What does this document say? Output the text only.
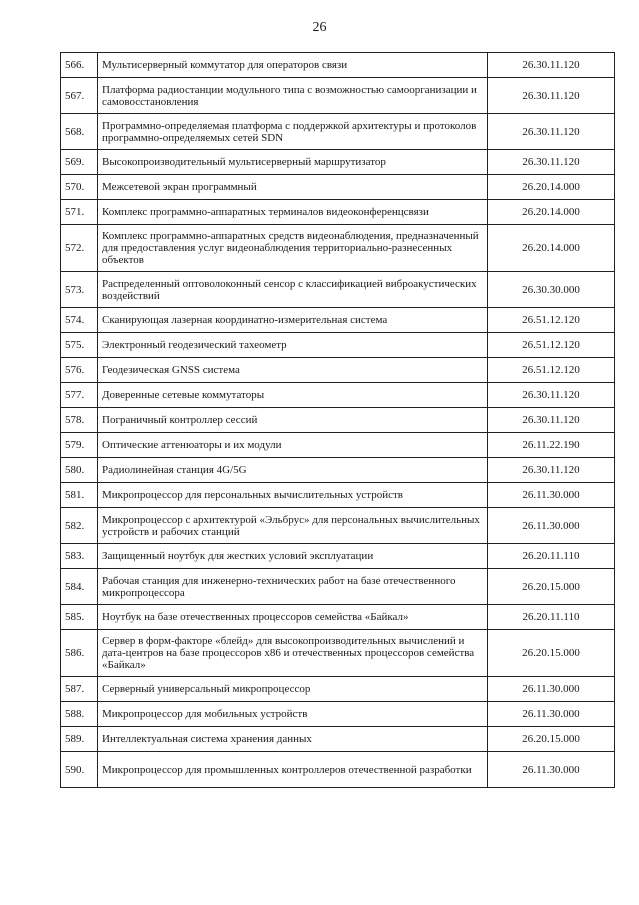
26
566.	Мультисерверный коммутатор для операторов связи	26.30.11.120
567.	Платформа радиостанции модульного типа с возможностью самоорганизации и самовосстановления	26.30.11.120
568.	Программно-определяемая платформа с поддержкой архитектуры и протоколов программно-определяемых сетей SDN	26.30.11.120
569.	Высокопроизводительный мультисерверный маршрутизатор	26.30.11.120
570.	Межсетевой экран программный	26.20.14.000
571.	Комплекс программно-аппаратных терминалов видеоконференцсвязи	26.20.14.000
572.	Комплекс программно-аппаратных средств видеонаблюдения, предназначенный для предоставления услуг видеонаблюдения территориально-разнесенных объектов	26.20.14.000
573.	Распределенный оптоволоконный сенсор с классификацией виброакустических воздействий	26.30.30.000
574.	Сканирующая лазерная координатно-измерительная система	26.51.12.120
575.	Электронный геодезический тахеометр	26.51.12.120
576.	Геодезическая GNSS система	26.51.12.120
577.	Доверенные сетевые коммутаторы	26.30.11.120
578.	Пограничный контроллер сессий	26.30.11.120
579.	Оптические аттенюаторы и их модули	26.11.22.190
580.	Радиолинейная станция 4G/5G	26.30.11.120
581.	Микропроцессор для персональных вычислительных устройств	26.11.30.000
582.	Микропроцессор с архитектурой «Эльбрус» для персональных вычислительных устройств и рабочих станций	26.11.30.000
583.	Защищенный ноутбук для жестких условий эксплуатации	26.20.11.110
584.	Рабочая станция для инженерно-технических работ на базе отечественного микропроцессора	26.20.15.000
585.	Ноутбук на базе отечественных процессоров семейства «Байкал»	26.20.11.110
586.	Сервер в форм-факторе «блейд» для высокопроизводительных вычислений и дата-центров на базе процессоров x86 и отечественных процессоров семейства «Байкал»	26.20.15.000
587.	Серверный универсальный микропроцессор	26.11.30.000
588.	Микропроцессор для мобильных устройств	26.11.30.000
589.	Интеллектуальная система хранения данных	26.20.15.000
590.	Микропроцессор для промышленных контроллеров отечественной разработки	26.11.30.000
